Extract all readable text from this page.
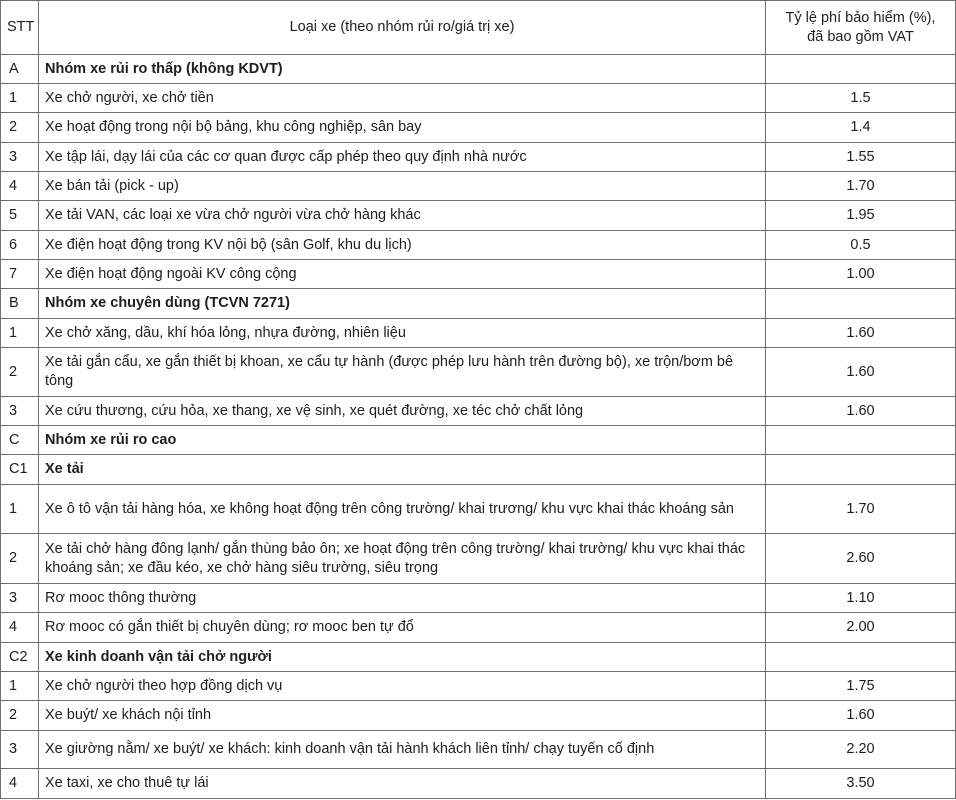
STT	Loại xe (theo nhóm rủi ro/giá trị xe)	Tỷ lệ phí bảo hiểm (%),
đã bao gồm VAT
A	Nhóm xe rủi ro thấp (không KDVT)	
1	Xe chở người, xe chở tiền	1.5
2	Xe hoạt động trong nội bộ bảng, khu công nghiệp, sân bay	1.4
3	Xe tập lái, dạy lái của các cơ quan được cấp phép theo quy định nhà nước	1.55
4	Xe bán tải (pick - up)	1.70
5	Xe tải VAN, các loại xe vừa chở người vừa chở hàng khác	1.95
6	Xe điện hoạt động trong KV nội bộ (sân Golf, khu du lịch)	0.5
7	Xe điện hoạt động ngoài KV công cộng	1.00
B	Nhóm xe chuyên dùng (TCVN 7271)	
1	Xe chở xăng, dầu, khí hóa lỏng, nhựa đường, nhiên liệu	1.60
2	Xe tải gắn cẩu, xe gắn thiết bị khoan, xe cẩu tự hành (được phép lưu hành trên đường bộ), xe trộn/bơm bê tông	1.60
3	Xe cứu thương, cứu hỏa, xe thang, xe vệ sinh, xe quét đường, xe téc chở chất lỏng	1.60
C	Nhóm xe rủi ro cao	
C1	Xe tải	
1	Xe ô tô vận tải hàng hóa, xe không hoạt động trên công trường/ khai trương/ khu vực khai thác khoáng sản	1.70
2	Xe tải chở hàng đông lạnh/ gắn thùng bảo ôn; xe hoạt động trên công trường/ khai trường/ khu vực khai thác khoáng sản; xe đầu kéo, xe chở hàng siêu trường, siêu trọng	2.60
3	Rơ mooc thông thường	1.10
4	Rơ mooc có gắn thiết bị chuyên dùng; rơ mooc ben tự đổ	2.00
C2	Xe kinh doanh vận tải chở người	
1	Xe chở người theo hợp đồng dịch vụ	1.75
2	Xe buýt/ xe khách nội tỉnh	1.60
3	Xe giường nằm/ xe buýt/ xe khách: kinh doanh vận tải hành khách liên tỉnh/ chạy tuyến cố định	2.20
4	Xe taxi, xe cho thuê tự lái	3.50
